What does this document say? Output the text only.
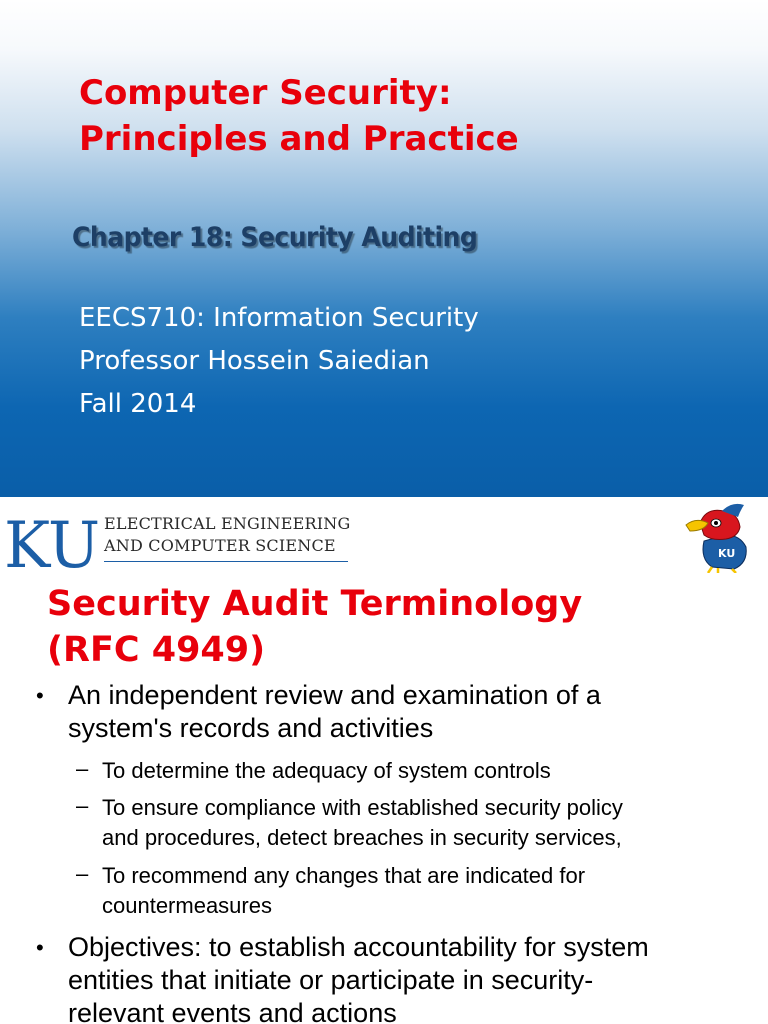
Computer Security:
Principles and Practice
Chapter 18: Security Auditing
EECS710: Information Security
Professor Hossein Saiedian
Fall 2014
KU ELECTRICAL ENGINEERING
AND COMPUTER SCIENCE	KU
Security Audit Terminology
(RFC 4949)
• An independent review and examination of a
system's records and activities
– To determine the adequacy of system controls
– To ensure compliance with established security policy
and procedures, detect breaches in security services,
– To recommend any changes that are indicated for
countermeasures
• Objectives: to establish accountability for system
entities that initiate or participate in security-
relevant events and actions
